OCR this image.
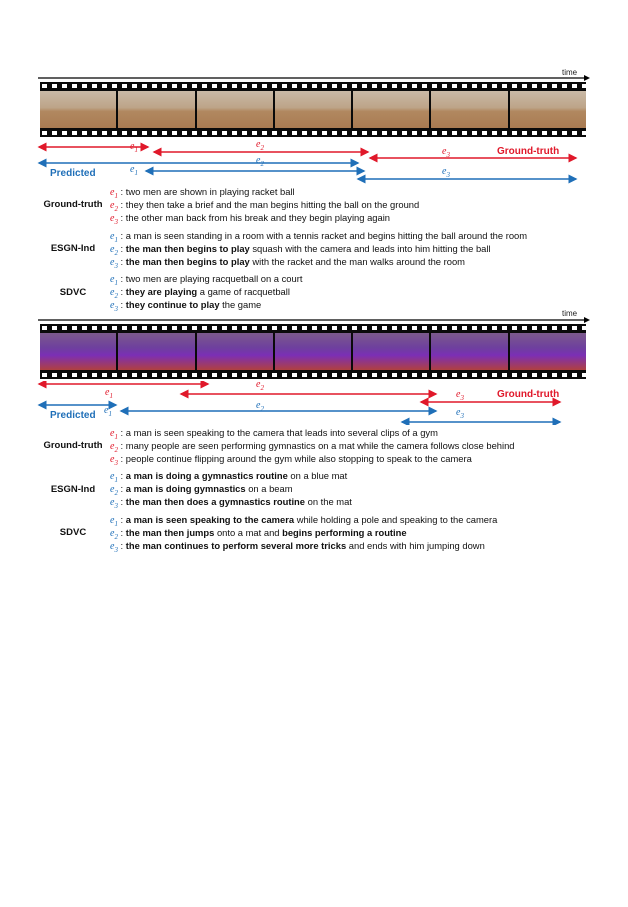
time
$e_1$	$e_2$	$e_3$	Ground-truth
$e_2$
$e_1$	$e_3$
Predicted
Ground-truth
$e_1$ : two men are shown in playing racket ball
$e_2$ : they then take a brief and the man begins hitting the ball on the ground
$e_3$ : the other man back from his break and they begin playing again
ESGN-Ind
$e_1$ : a man is seen standing in a room with a tennis racket and begins hitting the ball around the room
$e_2$ : the man then begins to play squash with the camera and leads into him hitting the ball
$e_3$ : the man then begins to play with the racket and the man walks around the room
SDVC
$e_1$ : two men are playing racquetball on a court
$e_2$ : they are playing a game of racquetball
$e_3$ : they continue to play the game
time
$e_1$
$e_2$
$e_3$	Ground-truth
Predicted $e_1$
$e_2$	$e_3$
Ground-truth
$e_1$ : a man is seen speaking to the camera that leads into several clips of a gym
$e_2$ : many people are seen performing gymnastics on a mat while the camera follows close behind
$e_3$ : people continue flipping around the gym while also stopping to speak to the camera
ESGN-Ind
$e_1$ : a man is doing a gymnastics routine on a blue mat
$e_2$ : a man is doing gymnastics on a beam
$e_3$ : the man then does a gymnastics routine on the mat
SDVC
$e_1$ : a man is seen speaking to the camera while holding a pole and speaking to the camera
$e_2$ : the man then jumps onto a mat and begins performing a routine
$e_3$ : the man continues to perform several more tricks and ends with him jumping down
